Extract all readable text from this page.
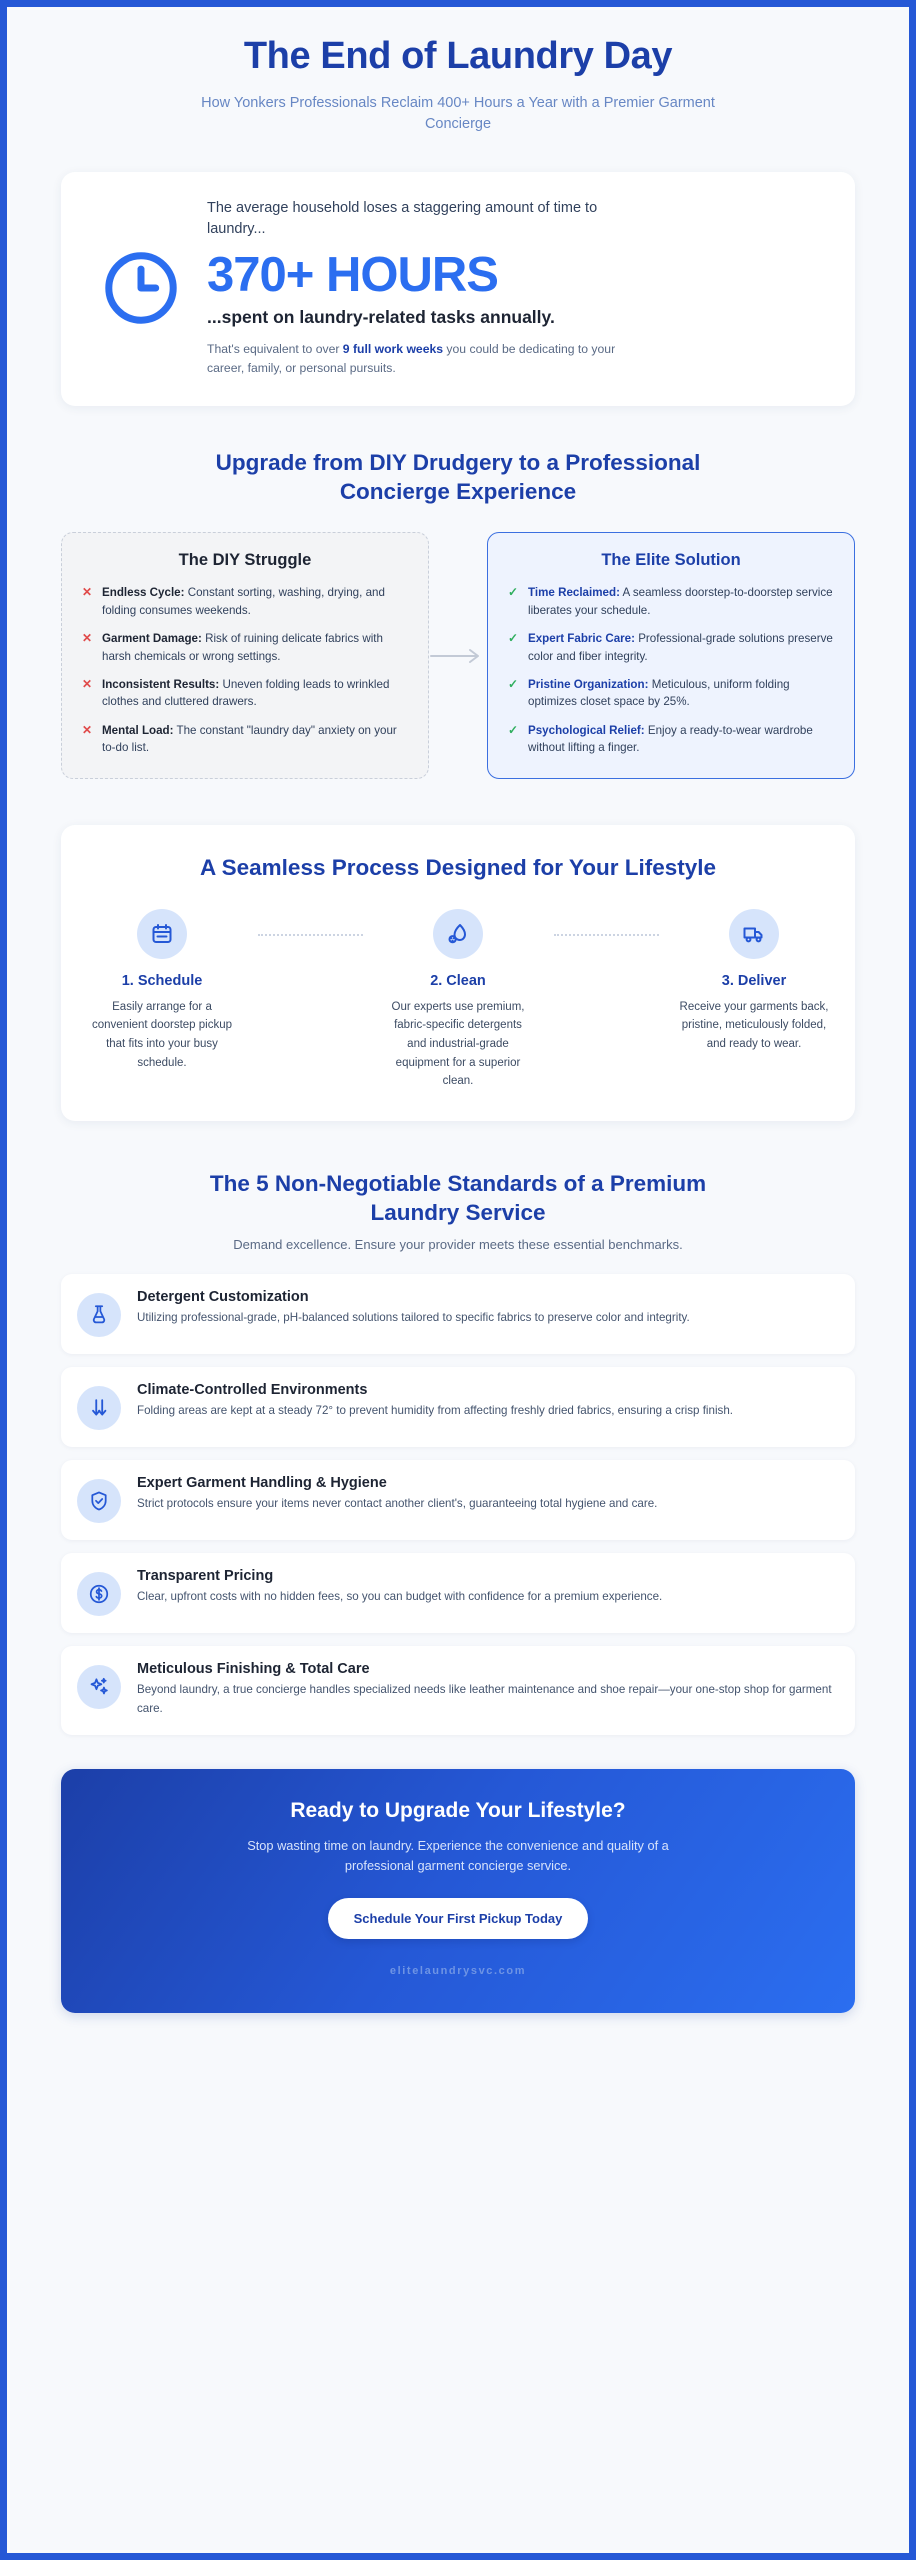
The End of Laundry Day
How Yonkers Professionals Reclaim 400+ Hours a Year with a Premier Garment Concierge
The average household loses a staggering amount of time to laundry...
370+ HOURS
...spent on laundry-related tasks annually.
That's equivalent to over 9 full work weeks you could be dedicating to your career, family, or personal pursuits.
Upgrade from DIY Drudgery to a Professional Concierge Experience
The DIY Struggle
✕ Endless Cycle: Constant sorting, washing, drying, and folding consumes weekends.
✕ Garment Damage: Risk of ruining delicate fabrics with harsh chemicals or wrong settings.
✕ Inconsistent Results: Uneven folding leads to wrinkled clothes and cluttered drawers.
✕ Mental Load: The constant "laundry day" anxiety on your to-do list.
The Elite Solution
✓ Time Reclaimed: A seamless doorstep-to-doorstep service liberates your schedule.
✓ Expert Fabric Care: Professional-grade solutions preserve color and fiber integrity.
✓ Pristine Organization: Meticulous, uniform folding optimizes closet space by 25%.
✓ Psychological Relief: Enjoy a ready-to-wear wardrobe without lifting a finger.
A Seamless Process Designed for Your Lifestyle
1. Schedule
Easily arrange for a convenient doorstep pickup that fits into your busy schedule.
2. Clean
Our experts use premium, fabric-specific detergents and industrial-grade equipment for a superior clean.
3. Deliver
Receive your garments back, pristine, meticulously folded, and ready to wear.
The 5 Non-Negotiable Standards of a Premium Laundry Service
Demand excellence. Ensure your provider meets these essential benchmarks.
Detergent Customization
Utilizing professional-grade, pH-balanced solutions tailored to specific fabrics to preserve color and integrity.
Climate-Controlled Environments
Folding areas are kept at a steady 72° to prevent humidity from affecting freshly dried fabrics, ensuring a crisp finish.
Expert Garment Handling & Hygiene
Strict protocols ensure your items never contact another client's, guaranteeing total hygiene and care.
Transparent Pricing
Clear, upfront costs with no hidden fees, so you can budget with confidence for a premium experience.
Meticulous Finishing & Total Care
Beyond laundry, a true concierge handles specialized needs like leather maintenance and shoe repair—your one-stop shop for garment care.
Ready to Upgrade Your Lifestyle?
Stop wasting time on laundry. Experience the convenience and quality of a professional garment concierge service.
Schedule Your First Pickup Today
elitelaundrysvc.com
